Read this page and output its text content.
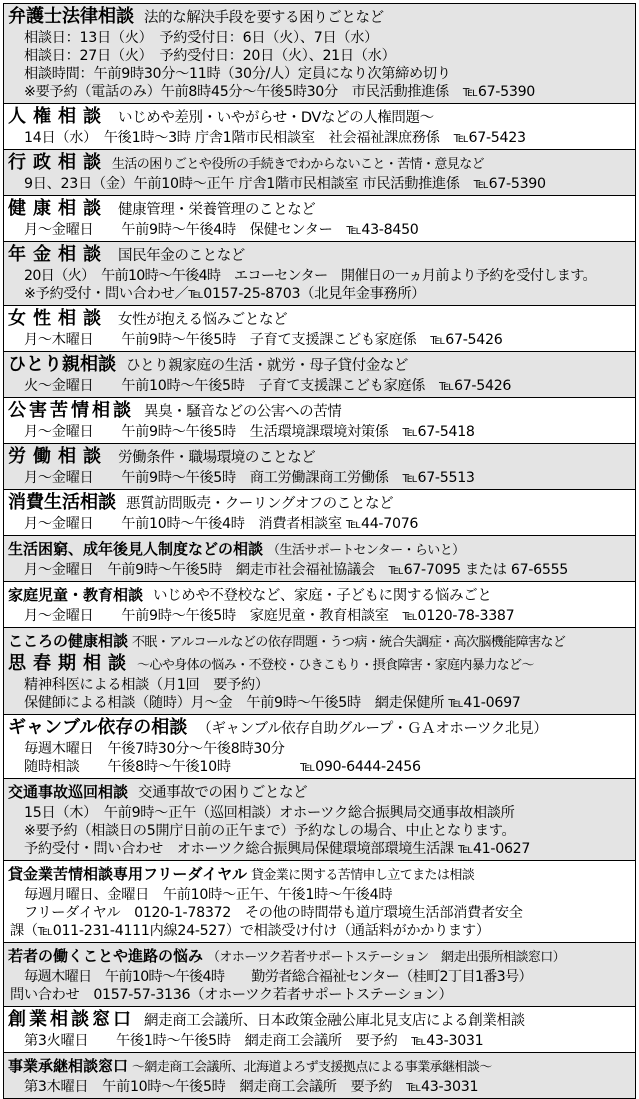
弁護士法律相談 法的な解決手段を要する困りごとなど
相談日：13日（火）　予約受付日：6日（火）、7日（水）
相談日：27日（火）　予約受付日：20日（火）、21日（水）
相談時間：午前9時30分～11時（30分/人）定員になり次第締め切り
※要予約（電話のみ）午前8時45分～午後5時30分　市民活動推進係　℡67-5390
人権相談 いじめや差別・いやがらせ・DVなどの人権問題～
14日（水）　午後1時～3時 庁舎1階市民相談室　社会福祉課庶務係　℡67-5423
行政相談 生活の困りごとや役所の手続きでわからないこと・苦情・意見など
9日、23日（金）午前10時～正午 庁舎1階市民相談室 市民活動推進係　℡67-5390
健康相談 健康管理・栄養管理のことなど
月～金曜日　　午前9時～午後4時　保健センター　℡43-8450
年金相談 国民年金のことなど
20日（火）　午前10時～午後4時　エコーセンター　開催日の一ヵ月前より予約を受付します。
※予約受付・問い合わせ／℡0157-25-8703（北見年金事務所）
女性相談 女性が抱える悩みごとなど
月～木曜日　　午前9時～午後5時　子育て支援課こども家庭係　℡67-5426
ひとり親相談 ひとり親家庭の生活・就労・母子貸付金など
火～金曜日　　午前10時～午後5時　子育て支援課こども家庭係　℡67-5426
公害苦情相談 異臭・騒音などの公害への苦情
月～金曜日　　午前9時～午後5時　生活環境課環境対策係　℡67-5418
労働相談 労働条件・職場環境のことなど
月～金曜日　　午前9時～午後5時　商工労働課商工労働係　℡67-5513
消費生活相談 悪質訪問販売・クーリングオフのことなど
月～金曜日　　午前10時～午後4時　消費者相談室 ℡44-7076
生活困窮、成年後見人制度などの相談 （生活サポートセンター・らいと）
月～金曜日　午前9時～午後5時　網走市社会福祉協議会　℡67-7095 または 67-6555
家庭児童・教育相談 いじめや不登校など、家庭・子どもに関する悩みごと
月～金曜日　　午前9時～午後5時　家庭児童・教育相談室　℡0120-78-3387
こころの健康相談 不眠・アルコールなどの依存問題・うつ病・統合失調症・高次脳機能障害など
思春期相談 ～心や身体の悩み・不登校・ひきこもり・摂食障害・家庭内暴力など～
精神科医による相談（月1回　要予約）
保健師による相談（随時）月～金　午前9時～午後5時　網走保健所 ℡41-0697
ギャンブル依存の相談 （ギャンブル依存自助グループ・ＧＡオホーツク北見）
毎週木曜日　午後7時30分～午後8時30分
随時相談　　午後8時～午後10時　　　　　℡090-6444-2456
交通事故巡回相談 交通事故での困りごとなど
15日（木）　午前9時～正午（巡回相談）オホーツク総合振興局交通事故相談所
※要予約（相談日の5開庁日前の正午まで）予約なしの場合、中止となります。
予約受付・問い合わせ　オホーツク総合振興局保健環境部環境生活課 ℡41-0627
貸金業苦情相談専用フリーダイヤル 貸金業に関する苦情申し立てまたは相談
毎週月曜日、金曜日　午前10時～正午、午後1時～午後4時
フリーダイヤル　0120-1-78372　その他の時間帯も道庁環境生活部消費者安全
課（℡011-231-4111内線24-527）で相談受け付け（通話料がかかります）
若者の働くことや進路の悩み （オホーツク若者サポートステーション　網走出張所相談窓口）
毎週木曜日　午前10時～午後4時　　勤労者総合福祉センター（桂町2丁目1番3号）
問い合わせ　0157-57-3136（オホーツク若者サポートステーション）
創業相談窓口 網走商工会議所、日本政策金融公庫北見支店による創業相談
第3火曜日　　午後1時～午後5時　網走商工会議所　要予約　℡43-3031
事業承継相談窓口 ～網走商工会議所、北海道よろず支援拠点による事業承継相談～
第3木曜日　午前10時～午後5時　網走商工会議所　要予約　℡43-3031
